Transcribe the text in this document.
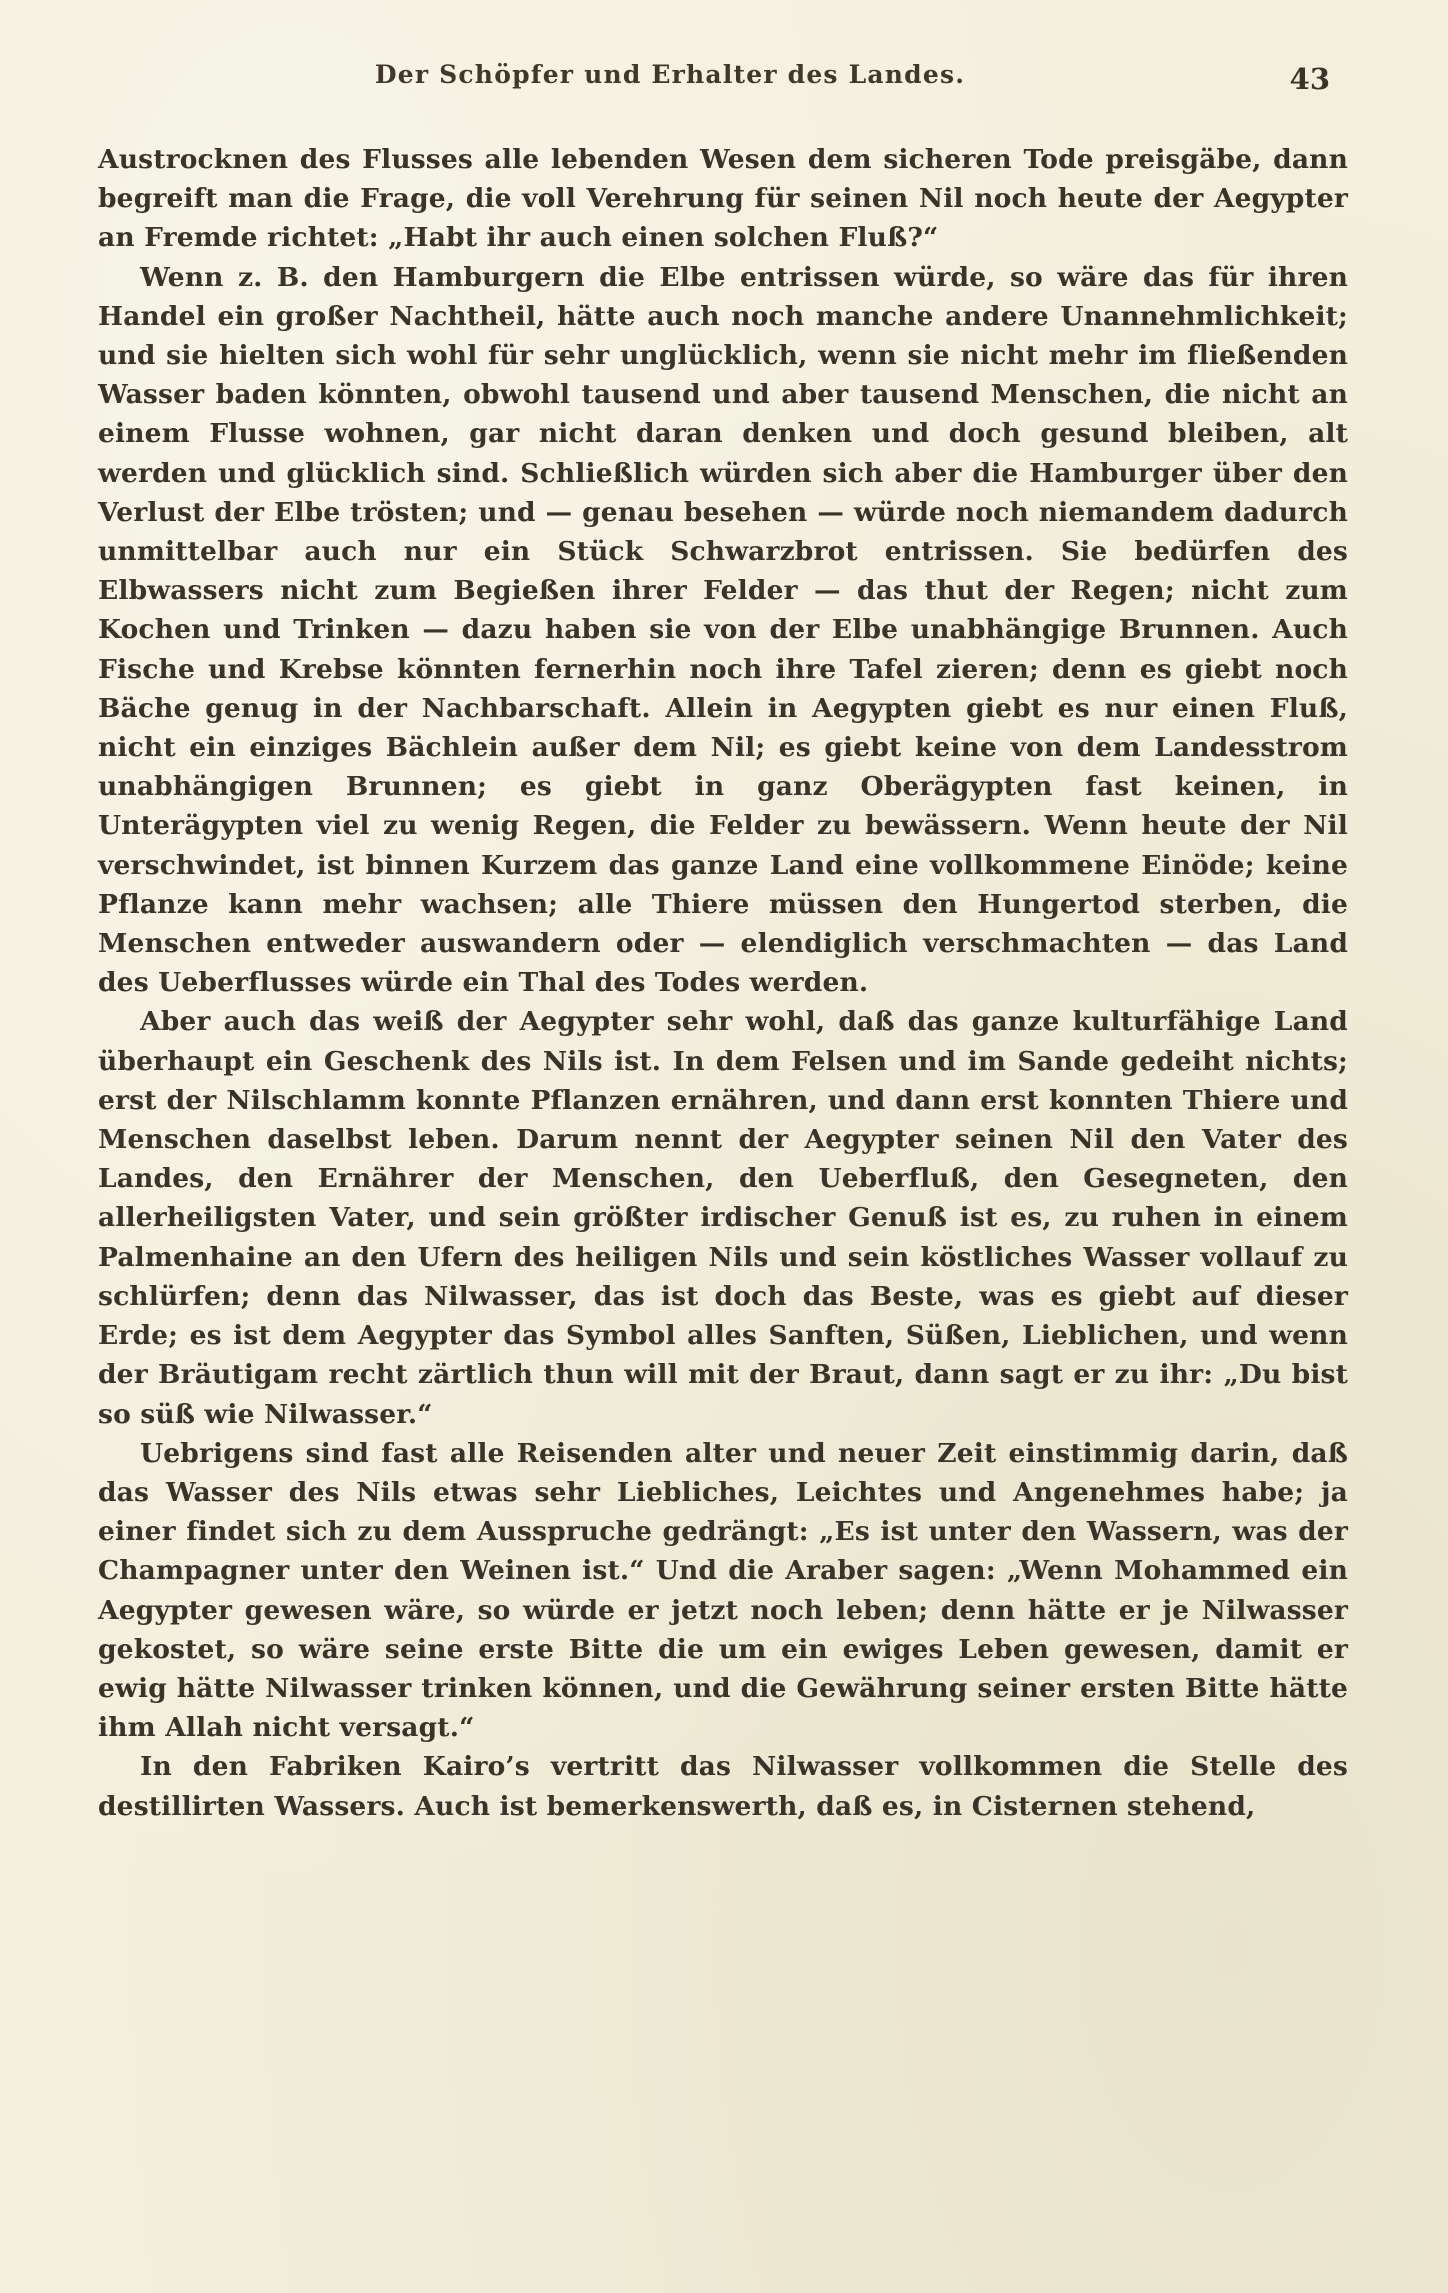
Der Schöpfer und Erhalter des Landes.	43

Austrocknen des Flusses alle lebenden Wesen dem sicheren Tode preisgäbe, dann begreift man die Frage, die voll Verehrung für seinen Nil noch heute der Aegypter an Fremde richtet: „Habt ihr auch einen solchen Fluß?“

Wenn z. B. den Hamburgern die Elbe entrissen würde, so wäre das für ihren Handel ein großer Nachtheil, hätte auch noch manche andere Unannehmlichkeit; und sie hielten sich wohl für sehr unglücklich, wenn sie nicht mehr im fließenden Wasser baden könnten, obwohl tausend und aber tausend Menschen, die nicht an einem Flusse wohnen, gar nicht daran denken und doch gesund bleiben, alt werden und glücklich sind. Schließlich würden sich aber die Hamburger über den Verlust der Elbe trösten; und — genau besehen — würde noch niemandem dadurch unmittelbar auch nur ein Stück Schwarzbrot entrissen. Sie bedürfen des Elbwassers nicht zum Begießen ihrer Felder — das thut der Regen; nicht zum Kochen und Trinken — dazu haben sie von der Elbe unabhängige Brunnen. Auch Fische und Krebse könnten fernerhin noch ihre Tafel zieren; denn es giebt noch Bäche genug in der Nachbarschaft. Allein in Aegypten giebt es nur einen Fluß, nicht ein einziges Bächlein außer dem Nil; es giebt keine von dem Landesstrom unabhängigen Brunnen; es giebt in ganz Oberägypten fast keinen, in Unterägypten viel zu wenig Regen, die Felder zu bewässern. Wenn heute der Nil verschwindet, ist binnen Kurzem das ganze Land eine vollkommene Einöde; keine Pflanze kann mehr wachsen; alle Thiere müssen den Hungertod sterben, die Menschen entweder auswandern oder — elendiglich verschmachten — das Land des Ueberflusses würde ein Thal des Todes werden.

Aber auch das weiß der Aegypter sehr wohl, daß das ganze kulturfähige Land überhaupt ein Geschenk des Nils ist. In dem Felsen und im Sande gedeiht nichts; erst der Nilschlamm konnte Pflanzen ernähren, und dann erst konnten Thiere und Menschen daselbst leben. Darum nennt der Aegypter seinen Nil den Vater des Landes, den Ernährer der Menschen, den Ueberfluß, den Gesegneten, den allerheiligsten Vater, und sein größter irdischer Genuß ist es, zu ruhen in einem Palmenhaine an den Ufern des heiligen Nils und sein köstliches Wasser vollauf zu schlürfen; denn das Nilwasser, das ist doch das Beste, was es giebt auf dieser Erde; es ist dem Aegypter das Symbol alles Sanften, Süßen, Lieblichen, und wenn der Bräutigam recht zärtlich thun will mit der Braut, dann sagt er zu ihr: „Du bist so süß wie Nilwasser.“

Uebrigens sind fast alle Reisenden alter und neuer Zeit einstimmig darin, daß das Wasser des Nils etwas sehr Liebliches, Leichtes und Angenehmes habe; ja einer findet sich zu dem Ausspruche gedrängt: „Es ist unter den Wassern, was der Champagner unter den Weinen ist.“ Und die Araber sagen: „Wenn Mohammed ein Aegypter gewesen wäre, so würde er jetzt noch leben; denn hätte er je Nilwasser gekostet, so wäre seine erste Bitte die um ein ewiges Leben gewesen, damit er ewig hätte Nilwasser trinken können, und die Gewährung seiner ersten Bitte hätte ihm Allah nicht versagt.“

In den Fabriken Kairo’s vertritt das Nilwasser vollkommen die Stelle des destillirten Wassers. Auch ist bemerkenswerth, daß es, in Cisternen stehend,
